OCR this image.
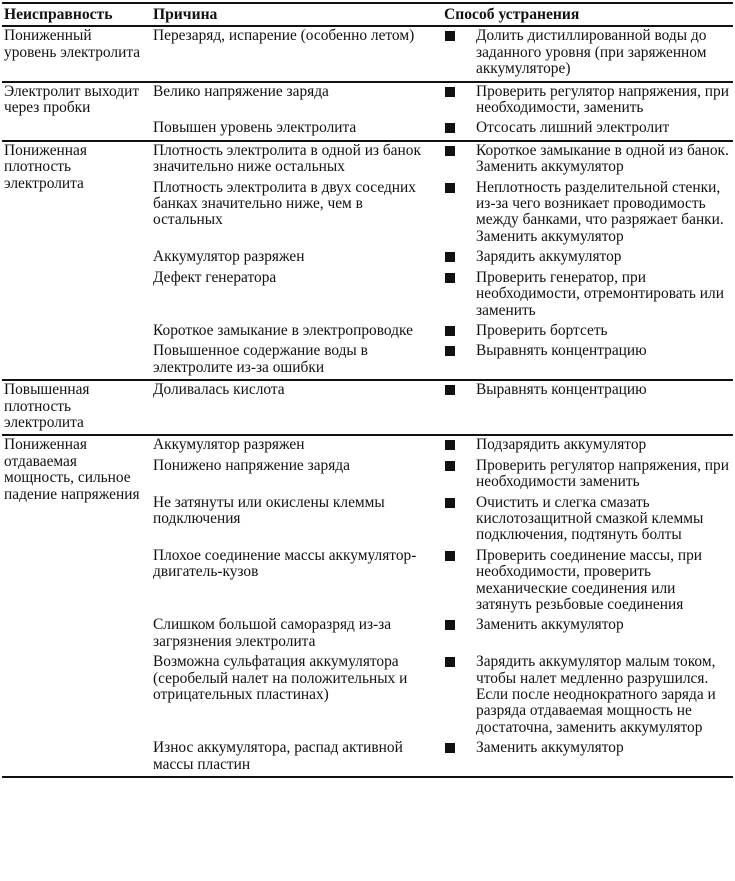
Неисправность	Причина	Способ устранения
Пониженный уровень электролита	Перезаряд, испарение (особенно летом)	Долить дистиллированной воды до заданного уровня (при заряженном аккумуляторе)

Электролит выходит через пробки	Велико напряжение заряда	Проверить регулятор напряжения, при необходимости, заменить

	Повышен уровень электролита	Отсосать лишний электролит

Пониженная плотность электролита	Плотность электролита в одной из банок значительно ниже остальных	Короткое замыкание в одной из банок. Заменить аккумулятор

	Плотность электролита в двух соседних банках значительно ниже, чем в остальных	Неплотность разделительной стенки, из-за чего возникает проводимость между банками, что разряжает банки. Заменить аккумулятор

	Аккумулятор разряжен	Зарядить аккумулятор

	Дефект генератора	Проверить генератор, при необходимости, отремонтировать или заменить

	Короткое замыкание в электропроводке	Проверить бортсеть

	Повышенное содержание воды в электролите из-за ошибки	Выравнять концентрацию

Повышенная плотность электролита	Доливалась кислота	Выравнять концентрацию

Пониженная отдаваемая мощность, сильное падение напряжения	Аккумулятор разряжен	Подзарядить аккумулятор

	Понижено напряжение заряда	Проверить регулятор напряжения, при необходимости заменить

	Не затянуты или окислены клеммы подключения	Очистить и слегка смазать кислотозащитной смазкой клеммы подключения, подтянуть болты

	Плохое соединение массы аккумулятор-двигатель-кузов	Проверить соединение массы, при необходимости, проверить механические соединения или затянуть резьбовые соединения

	Слишком большой саморазряд из-за загрязнения электролита	Заменить аккумулятор

	Возможна сульфатация аккумулятора (серобелый налет на положительных и отрицательных пластинах)	Зарядить аккумулятор малым током, чтобы налет медленно разрушился. Если после неоднократного заряда и разряда отдаваемая мощность не достаточна, заменить аккумулятор

	Износ аккумулятора, распад активной массы пластин	Заменить аккумулятор
